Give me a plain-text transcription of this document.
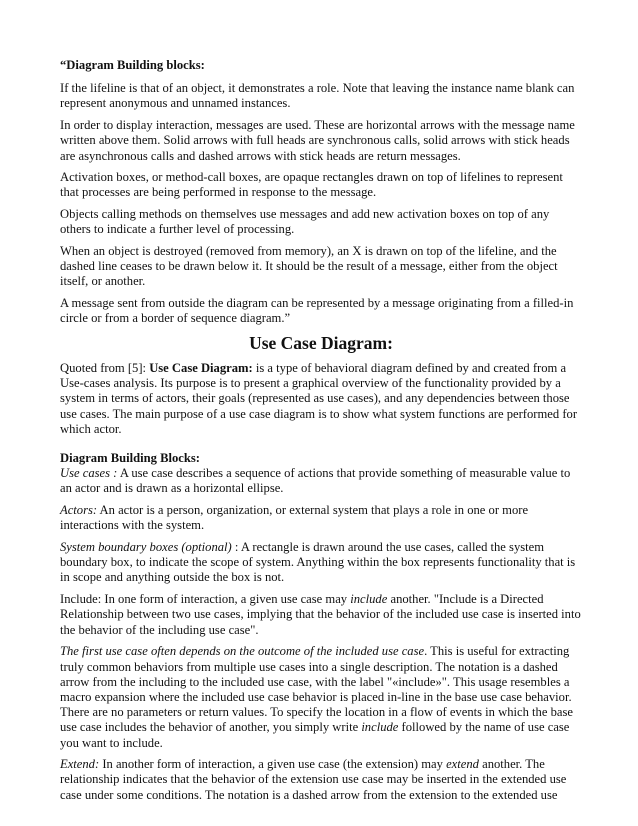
“Diagram Building blocks:

If the lifeline is that of an object, it demonstrates a role. Note that leaving the instance name blank can represent anonymous and unnamed instances.

In order to display interaction, messages are used. These are horizontal arrows with the message name written above them. Solid arrows with full heads are synchronous calls, solid arrows with stick heads are asynchronous calls and dashed arrows with stick heads are return messages.

Activation boxes, or method-call boxes, are opaque rectangles drawn on top of lifelines to represent that processes are being performed in response to the message.

Objects calling methods on themselves use messages and add new activation boxes on top of any others to indicate a further level of processing.

When an object is destroyed (removed from memory), an X is drawn on top of the lifeline, and the dashed line ceases to be drawn below it. It should be the result of a message, either from the object itself, or another.

A message sent from outside the diagram can be represented by a message originating from a filled-in circle or from a border of sequence diagram.”

Use Case Diagram:

Quoted from [5]: Use Case Diagram: is a type of behavioral diagram defined by and created from a Use-cases analysis. Its purpose is to present a graphical overview of the functionality provided by a system in terms of actors, their goals (represented as use cases), and any dependencies between those use cases. The main purpose of a use case diagram is to show what system functions are performed for which actor.

Diagram Building Blocks:

Use cases : A use case describes a sequence of actions that provide something of measurable value to an actor and is drawn as a horizontal ellipse.

Actors: An actor is a person, organization, or external system that plays a role in one or more interactions with the system.

System boundary boxes (optional) : A rectangle is drawn around the use cases, called the system boundary box, to indicate the scope of system. Anything within the box represents functionality that is in scope and anything outside the box is not.

Include: In one form of interaction, a given use case may include another. "Include is a Directed Relationship between two use cases, implying that the behavior of the included use case is inserted into the behavior of the including use case".

The first use case often depends on the outcome of the included use case. This is useful for extracting truly common behaviors from multiple use cases into a single description. The notation is a dashed arrow from the including to the included use case, with the label "«include»". This usage resembles a macro expansion where the included use case behavior is placed in-line in the base use case behavior. There are no parameters or return values. To specify the location in a flow of events in which the base use case includes the behavior of another, you simply write include followed by the name of use case you want to include.

Extend: In another form of interaction, a given use case (the extension) may extend another. The relationship indicates that the behavior of the extension use case may be inserted in the extended use case under some conditions. The notation is a dashed arrow from the extension to the extended use
